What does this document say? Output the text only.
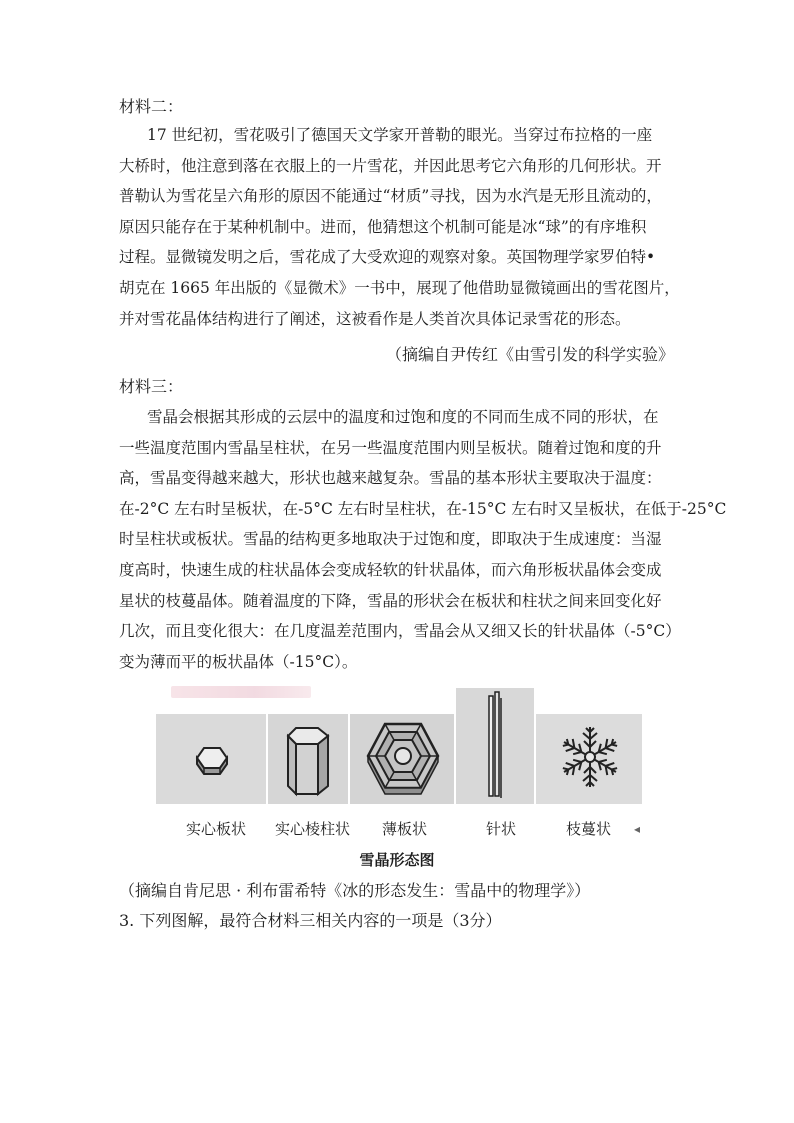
材料二：
17 世纪初，雪花吸引了德国天文学家开普勒的眼光。当穿过布拉格的一座
大桥时，他注意到落在衣服上的一片雪花，并因此思考它六角形的几何形状。开
普勒认为雪花呈六角形的原因不能通过“材质”寻找，因为水汽是无形且流动的，
原因只能存在于某种机制中。进而，他猜想这个机制可能是冰“球”的有序堆积
过程。显微镜发明之后，雪花成了大受欢迎的观察对象。英国物理学家罗伯特•
胡克在 1665 年出版的《显微术》一书中，展现了他借助显微镜画出的雪花图片，
并对雪花晶体结构进行了阐述，这被看作是人类首次具体记录雪花的形态。
（摘编自尹传红《由雪引发的科学实验》
材料三：
雪晶会根据其形成的云层中的温度和过饱和度的不同而生成不同的形状，在
一些温度范围内雪晶呈柱状，在另一些温度范围内则呈板状。随着过饱和度的升
高，雪晶变得越来越大，形状也越来越复杂。雪晶的基本形状主要取决于温度：
在-2°C 左右时呈板状，在-5°C 左右时呈柱状，在-15°C 左右时又呈板状，在低于-25°C
时呈柱状或板状。雪晶的结构更多地取决于过饱和度，即取决于生成速度：当湿
度高时，快速生成的柱状晶体会变成轻软的针状晶体，而六角形板状晶体会变成
星状的枝蔓晶体。随着温度的下降，雪晶的形状会在板状和柱状之间来回变化好
几次，而且变化很大：在几度温差范围内，雪晶会从又细又长的针状晶体（-5°C）
变为薄而平的板状晶体（-15°C）。
实心板状 实心棱柱状 薄板状	针状	枝蔓状 ◂
雪晶形态图
（摘编自肯尼思 · 利布雷希特《冰的形态发生：雪晶中的物理学》）
3. 下列图解，最符合材料三相关内容的一项是（3分）
